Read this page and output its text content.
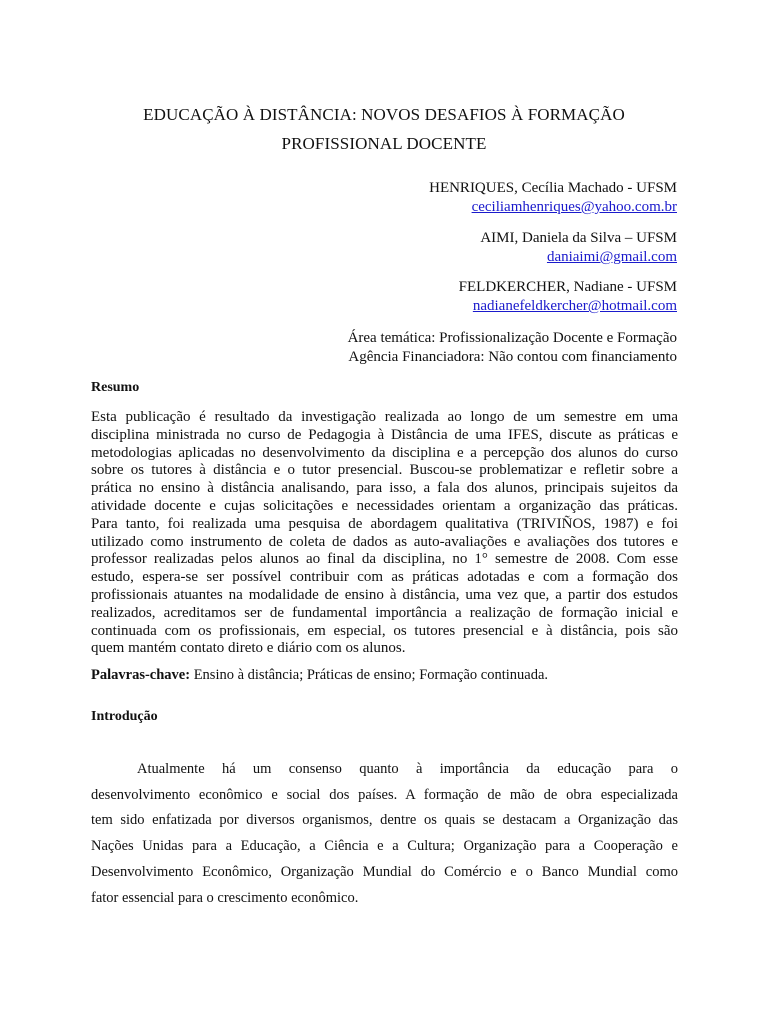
EDUCAÇÃO À DISTÂNCIA: NOVOS DESAFIOS À FORMAÇÃO
PROFISSIONAL DOCENTE
HENRIQUES, Cecília Machado - UFSM
ceciliamhenriques@yahoo.com.br
AIMI, Daniela da Silva – UFSM
daniaimi@gmail.com
FELDKERCHER, Nadiane - UFSM
nadianefeldkercher@hotmail.com
Área temática: Profissionalização Docente e Formação
Agência Financiadora: Não contou com financiamento
Resumo
Esta publicação é resultado da investigação realizada ao longo de um semestre em uma
disciplina ministrada no curso de Pedagogia à Distância de uma IFES, discute as práticas e
metodologias aplicadas no desenvolvimento da disciplina e a percepção dos alunos do curso
sobre os tutores à distância e o tutor presencial. Buscou-se problematizar e refletir sobre a
prática no ensino à distância analisando, para isso, a fala dos alunos, principais sujeitos da
atividade docente e cujas solicitações e necessidades orientam a organização das práticas.
Para tanto, foi realizada uma pesquisa de abordagem qualitativa (TRIVIÑOS, 1987) e foi
utilizado como instrumento de coleta de dados as auto-avaliações e avaliações dos tutores e
professor realizadas pelos alunos ao final da disciplina, no 1° semestre de 2008. Com esse
estudo, espera-se ser possível contribuir com as práticas adotadas e com a formação dos
profissionais atuantes na modalidade de ensino à distância, uma vez que, a partir dos estudos
realizados, acreditamos ser de fundamental importância a realização de formação inicial e
continuada com os profissionais, em especial, os tutores presencial e à distância, pois são
quem mantém contato direto e diário com os alunos.
Palavras-chave: Ensino à distância; Práticas de ensino; Formação continuada.
Introdução
Atualmente há um consenso quanto à importância da educação para o
desenvolvimento econômico e social dos países. A formação de mão de obra especializada
tem sido enfatizada por diversos organismos, dentre os quais se destacam a Organização das
Nações Unidas para a Educação, a Ciência e a Cultura; Organização para a Cooperação e
Desenvolvimento Econômico, Organização Mundial do Comércio e o Banco Mundial como
fator essencial para o crescimento econômico.
